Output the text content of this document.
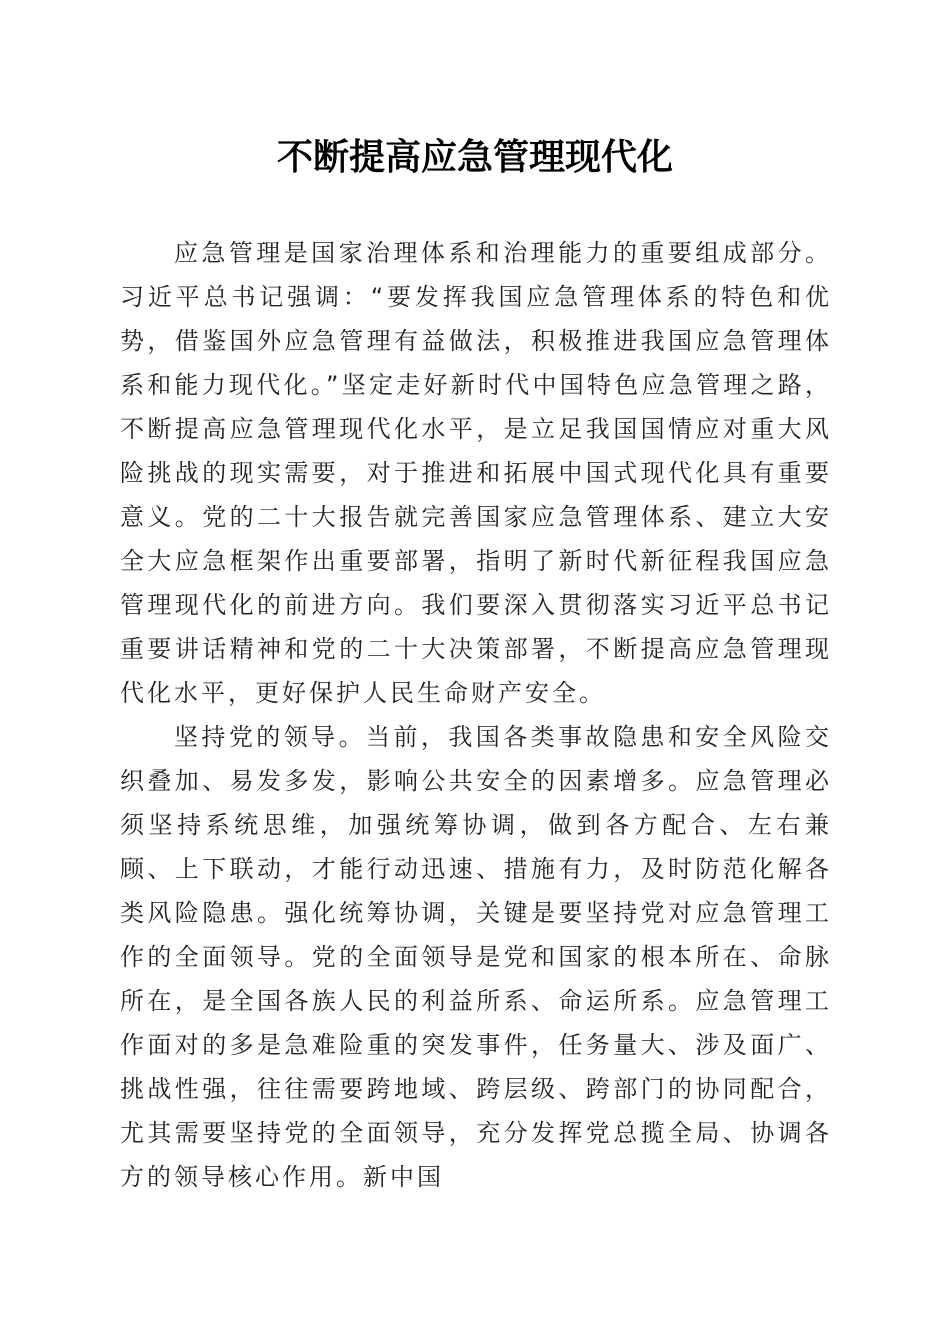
不断提高应急管理现代化

应急管理是国家治理体系和治理能力的重要组成部分。习近平总书记强调：“要发挥我国应急管理体系的特色和优势，借鉴国外应急管理有益做法，积极推进我国应急管理体系和能力现代化。”坚定走好新时代中国特色应急管理之路，不断提高应急管理现代化水平，是立足我国国情应对重大风险挑战的现实需要，对于推进和拓展中国式现代化具有重要意义。党的二十大报告就完善国家应急管理体系、建立大安全大应急框架作出重要部署，指明了新时代新征程我国应急管理现代化的前进方向。我们要深入贯彻落实习近平总书记重要讲话精神和党的二十大决策部署，不断提高应急管理现代化水平，更好保护人民生命财产安全。

坚持党的领导。当前，我国各类事故隐患和安全风险交织叠加、易发多发，影响公共安全的因素增多。应急管理必须坚持系统思维，加强统筹协调，做到各方配合、左右兼顾、上下联动，才能行动迅速、措施有力，及时防范化解各类风险隐患。强化统筹协调，关键是要坚持党对应急管理工作的全面领导。党的全面领导是党和国家的根本所在、命脉所在，是全国各族人民的利益所系、命运所系。应急管理工作面对的多是急难险重的突发事件，任务量大、涉及面广、挑战性强，往往需要跨地域、跨层级、跨部门的协同配合，尤其需要坚持党的全面领导，充分发挥党总揽全局、协调各方的领导核心作用。新中国
